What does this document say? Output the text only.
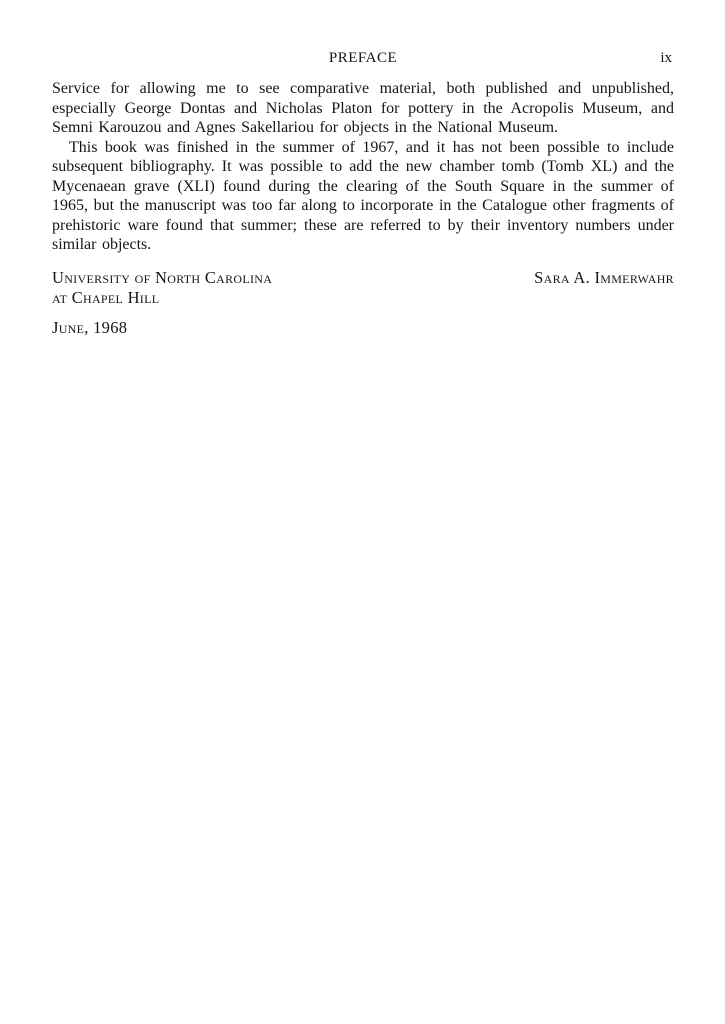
PREFACE	ix

Service for allowing me to see comparative material, both published and unpublished, especially George Dontas and Nicholas Platon for pottery in the Acropolis Museum, and Semni Karouzou and Agnes Sakellariou for objects in the National Museum.

This book was finished in the summer of 1967, and it has not been possible to include subsequent bibliography. It was possible to add the new chamber tomb (Tomb XL) and the Mycenaean grave (XLI) found during the clearing of the South Square in the summer of 1965, but the manuscript was too far along to incorporate in the Catalogue other fragments of prehistoric ware found that summer; these are referred to by their inventory numbers under similar objects.

University of North Carolina
at Chapel Hill
Sara A. Immerwahr
June, 1968
